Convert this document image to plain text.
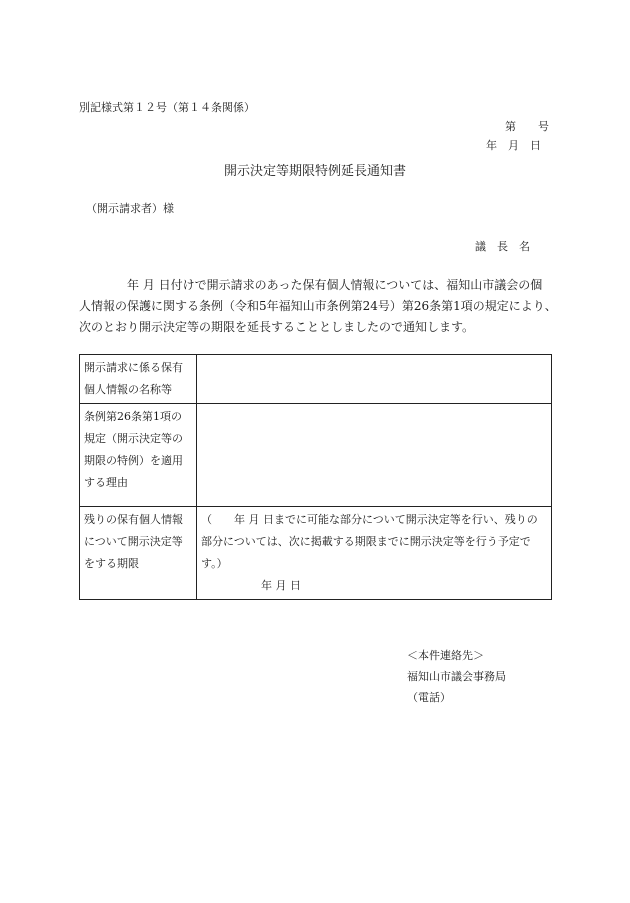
別記様式第１２号（第１４条関係）
第　　号
年　月　日
開示決定等期限特例延長通知書
（開示請求者）様
議　長　名

年 月 日付けで開示請求のあった保有個人情報については、福知山市議会の個

人情報の保護に関する条例（令和5年福知山市条例第24号）第26条第1項の規定により、

次のとおり開示決定等の期限を延長することとしましたので通知します。

開示請求に係る保有
個人情報の名称等	

条例第26条第1項の
規定（開示決定等の
期限の特例）を適用
する理由	

残りの保有個人情報
について開示決定等
をする期限	（　　年 月 日までに可能な部分について開示決定等を行い、残りの
部分については、次に掲載する期限までに開示決定等を行う予定で
す。）
年 月 日
＜本件連絡先＞
福知山市議会事務局
（電話）
